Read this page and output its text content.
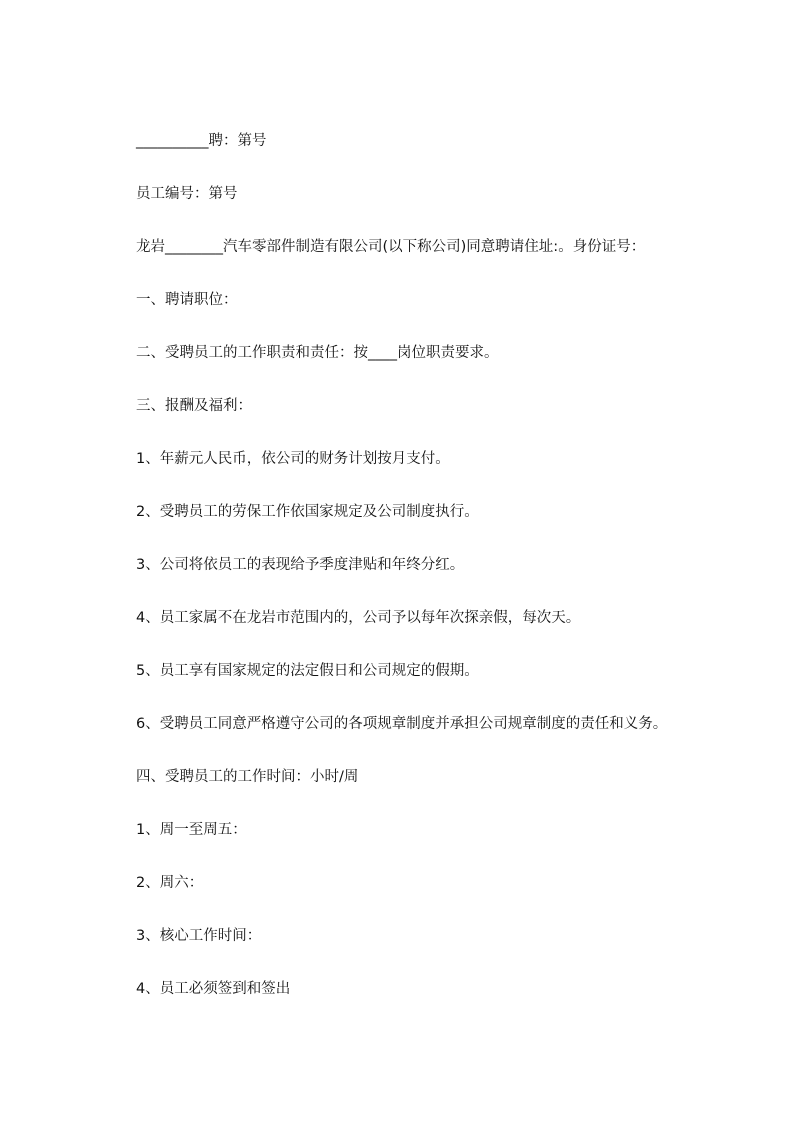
__________聘：第号
员工编号：第号
龙岩________汽车零部件制造有限公司(以下称公司)同意聘请住址:。身份证号：
一、聘请职位：
二、受聘员工的工作职责和责任：按____岗位职责要求。
三、报酬及福利：
1、年薪元人民币，依公司的财务计划按月支付。
2、受聘员工的劳保工作依国家规定及公司制度执行。
3、公司将依员工的表现给予季度津贴和年终分红。
4、员工家属不在龙岩市范围内的，公司予以每年次探亲假，每次天。
5、员工享有国家规定的法定假日和公司规定的假期。
6、受聘员工同意严格遵守公司的各项规章制度并承担公司规章制度的责任和义务。
四、受聘员工的工作时间：小时/周
1、周一至周五：
2、周六：
3、核心工作时间：
4、员工必须签到和签出
